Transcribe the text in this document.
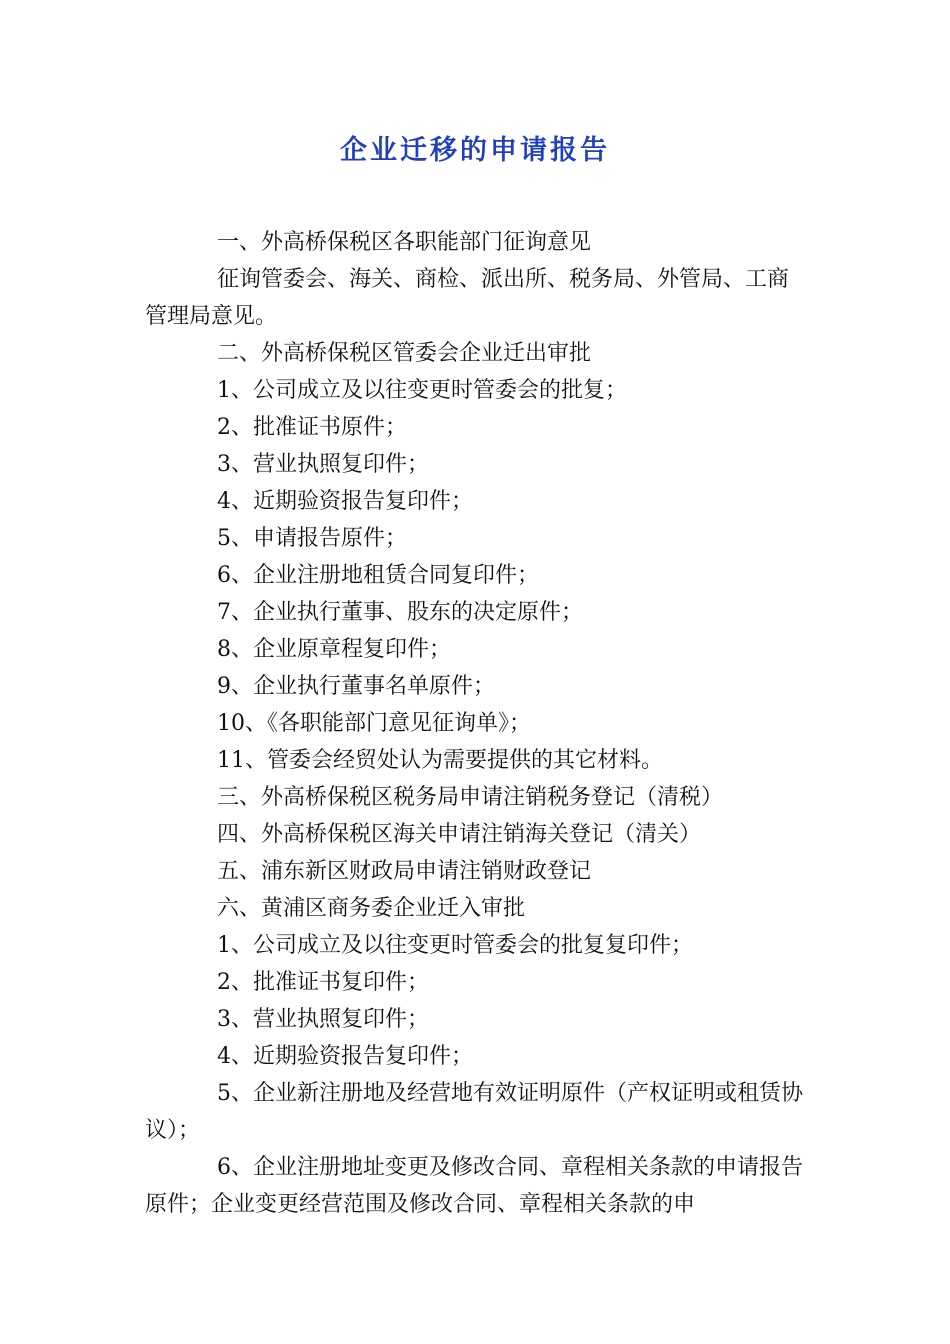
企业迁移的申请报告

一、外高桥保税区各职能部门征询意见

征询管委会、海关、商检、派出所、税务局、外管局、工商管理局意见。

二、外高桥保税区管委会企业迁出审批

1、公司成立及以往变更时管委会的批复；

2、批准证书原件；

3、营业执照复印件；

4、近期验资报告复印件；

5、申请报告原件；

6、企业注册地租赁合同复印件；

7、企业执行董事、股东的决定原件；

8、企业原章程复印件；

9、企业执行董事名单原件；

10、《各职能部门意见征询单》；

11、管委会经贸处认为需要提供的其它材料。

三、外高桥保税区税务局申请注销税务登记（清税）

四、外高桥保税区海关申请注销海关登记（清关）

五、浦东新区财政局申请注销财政登记

六、黄浦区商务委企业迁入审批

1、公司成立及以往变更时管委会的批复复印件；

2、批准证书复印件；

3、营业执照复印件；

4、近期验资报告复印件；

5、企业新注册地及经营地有效证明原件（产权证明或租赁协议）；

6、企业注册地址变更及修改合同、章程相关条款的申请报告原件；企业变更经营范围及修改合同、章程相关条款的申
